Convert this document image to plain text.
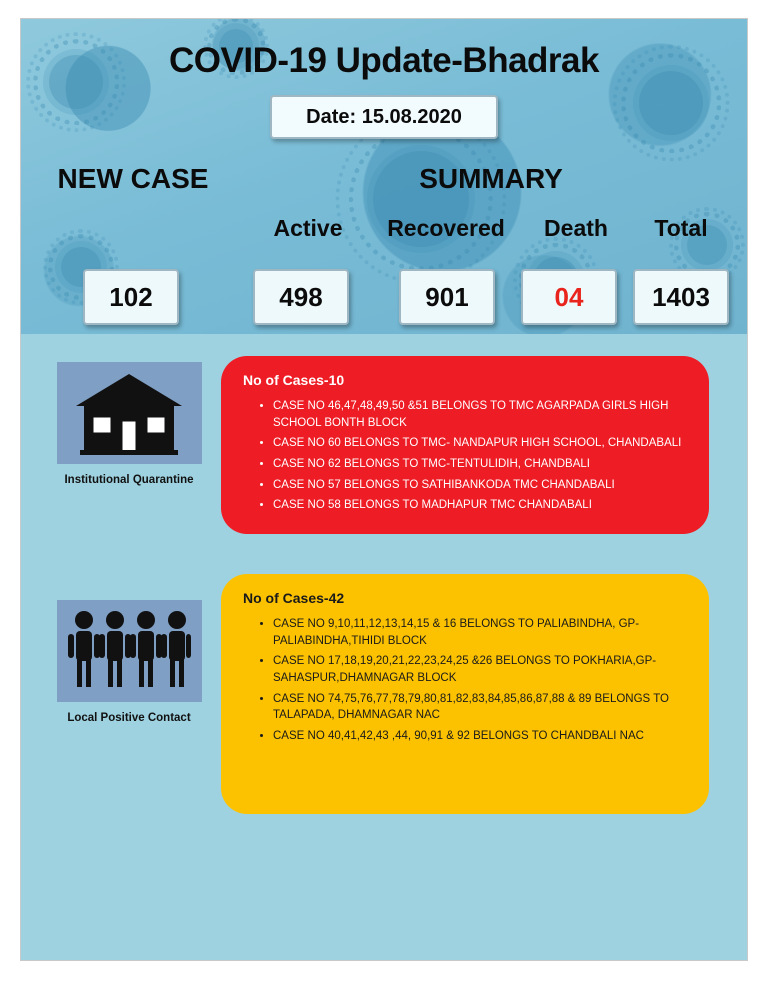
COVID-19 Update-Bhadrak
Date: 15.08.2020
NEW CASE	SUMMARY
Active	Recovered	Death	Total
102	498	901	04	1403
Institutional Quarantine
No of Cases-10
• CASE NO 46,47,48,49,50 &51 BELONGS TO TMC AGARPADA GIRLS HIGH SCHOOL BONTH BLOCK
• CASE NO 60 BELONGS TO TMC- NANDAPUR HIGH SCHOOL, CHANDABALI
• CASE NO 62 BELONGS TO TMC-TENTULIDIH, CHANDBALI
• CASE NO 57 BELONGS TO SATHIBANKODA TMC CHANDABALI
• CASE NO 58 BELONGS TO MADHAPUR TMC CHANDABALI
Local Positive Contact
No of Cases-42
• CASE NO 9,10,11,12,13,14,15 & 16 BELONGS TO PALIABINDHA, GP-PALIABINDHA,TIHIDI BLOCK
• CASE NO 17,18,19,20,21,22,23,24,25 &26 BELONGS TO POKHARIA,GP-SAHASPUR,DHAMNAGAR BLOCK
• CASE NO 74,75,76,77,78,79,80,81,82,83,84,85,86,87,88 & 89 BELONGS TO TALAPADA, DHAMNAGAR NAC
• CASE NO 40,41,42,43 ,44, 90,91 & 92 BELONGS TO CHANDBALI NAC
